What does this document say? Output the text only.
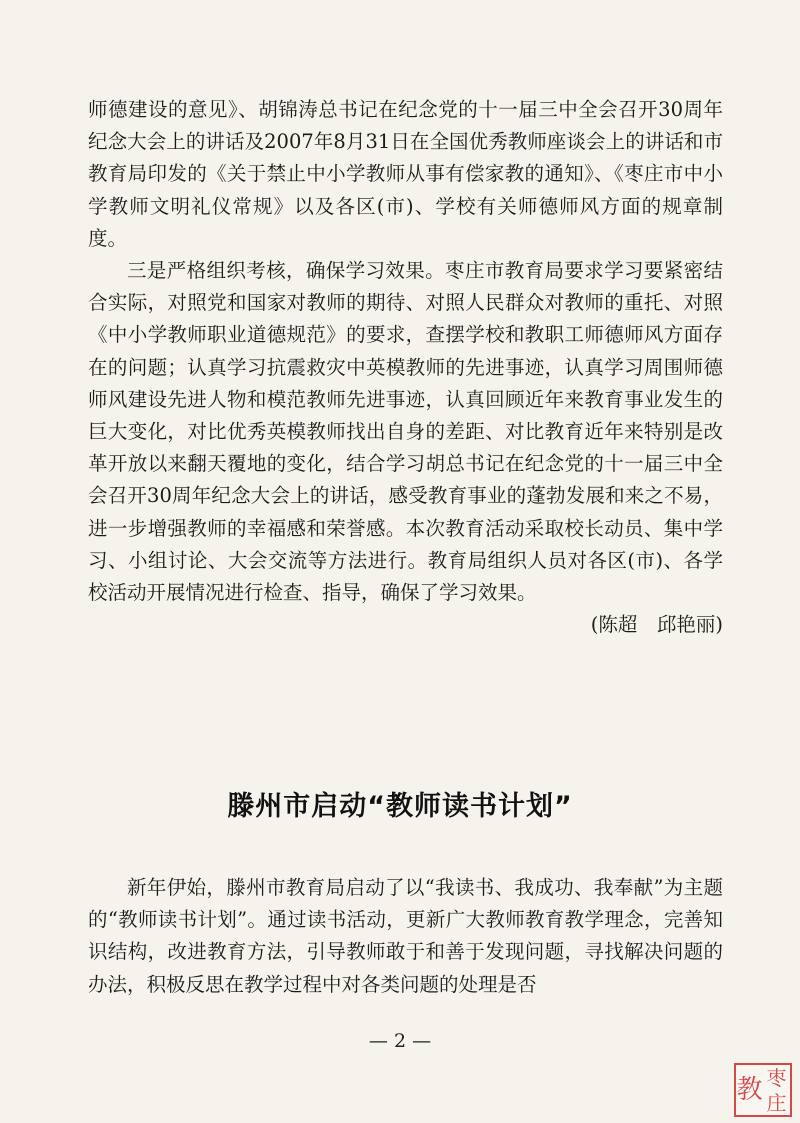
师德建设的意见》、胡锦涛总书记在纪念党的十一届三中全会召开30周年纪念大会上的讲话及2007年8月31日在全国优秀教师座谈会上的讲话和市教育局印发的《关于禁止中小学教师从事有偿家教的通知》、《枣庄市中小学教师文明礼仪常规》以及各区(市)、学校有关师德师风方面的规章制度。

三是严格组织考核，确保学习效果。枣庄市教育局要求学习要紧密结合实际，对照党和国家对教师的期待、对照人民群众对教师的重托、对照《中小学教师职业道德规范》的要求，查摆学校和教职工师德师风方面存在的问题；认真学习抗震救灾中英模教师的先进事迹，认真学习周围师德师风建设先进人物和模范教师先进事迹，认真回顾近年来教育事业发生的巨大变化，对比优秀英模教师找出自身的差距、对比教育近年来特别是改革开放以来翻天覆地的变化，结合学习胡总书记在纪念党的十一届三中全会召开30周年纪念大会上的讲话，感受教育事业的蓬勃发展和来之不易，进一步增强教师的幸福感和荣誉感。本次教育活动采取校长动员、集中学习、小组讨论、大会交流等方法进行。教育局组织人员对各区(市)、各学校活动开展情况进行检查、指导，确保了学习效果。

(陈超　邱艳丽)

滕州市启动“教师读书计划”

新年伊始，滕州市教育局启动了以“我读书、我成功、我奉献”为主题的“教师读书计划”。通过读书活动，更新广大教师教育教学理念，完善知识结构，改进教育方法，引导教师敢于和善于发现问题，寻找解决问题的办法，积极反思在教学过程中对各类问题的处理是否

— 2 —
教 枣
庄
